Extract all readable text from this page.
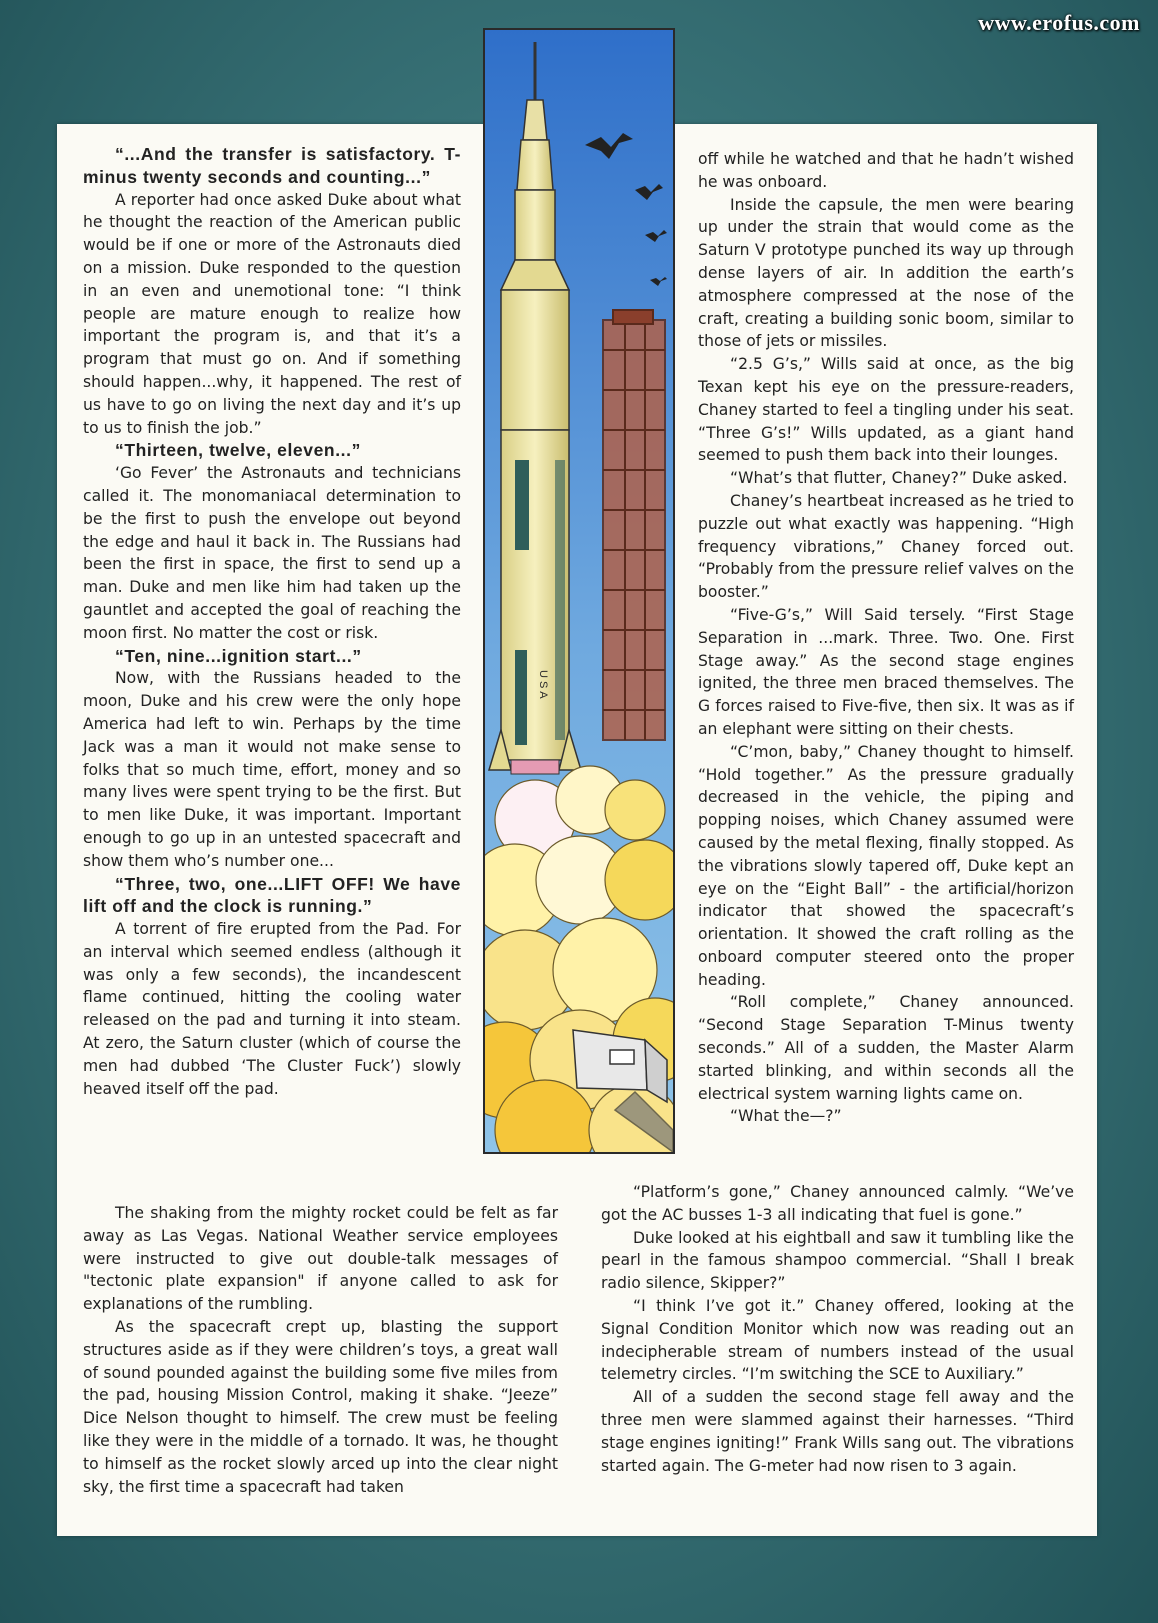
www.erofus.com

“...And the transfer is satisfactory. T-minus twenty seconds and counting...”

A reporter had once asked Duke about what he thought the reaction of the American public would be if one or more of the Astronauts died on a mission. Duke responded to the question in an even and unemotional tone: “I think people are mature enough to realize how important the program is, and that it’s a program that must go on. And if something should happen...why, it happened. The rest of us have to go on living the next day and it’s up to us to finish the job.”

“Thirteen, twelve, eleven...”

‘Go Fever’ the Astronauts and technicians called it. The monomaniacal determination to be the first to push the envelope out beyond the edge and haul it back in. The Russians had been the first in space, the first to send up a man. Duke and men like him had taken up the gauntlet and accepted the goal of reaching the moon first. No matter the cost or risk.

“Ten, nine...ignition start...”

Now, with the Russians headed to the moon, Duke and his crew were the only hope America had left to win. Perhaps by the time Jack was a man it would not make sense to folks that so much time, effort, money and so many lives were spent trying to be the first. But to men like Duke, it was important. Important enough to go up in an untested spacecraft and show them who’s number one...

“Three, two, one...LIFT OFF! We have lift off and the clock is running.”

A torrent of fire erupted from the Pad. For an interval which seemed endless (although it was only a few seconds), the incandescent flame continued, hitting the cooling water released on the pad and turning it into steam. At zero, the Saturn cluster (which of course the men had dubbed ‘The Cluster Fuck’) slowly heaved itself off the pad.

off while he watched and that he hadn’t wished he was onboard.

Inside the capsule, the men were bearing up under the strain that would come as the Saturn V prototype punched its way up through dense layers of air. In addition the earth’s atmosphere compressed at the nose of the craft, creating a building sonic boom, similar to those of jets or missiles.

“2.5 G’s,” Wills said at once, as the big Texan kept his eye on the pressure-readers, Chaney started to feel a tingling under his seat. “Three G’s!” Wills updated, as a giant hand seemed to push them back into their lounges.

“What’s that flutter, Chaney?” Duke asked.

Chaney’s heartbeat increased as he tried to puzzle out what exactly was happening. “High frequency vibrations,” Chaney forced out. “Probably from the pressure relief valves on the booster.”

“Five-G’s,” Will Said tersely. “First Stage Separation in ...mark. Three. Two. One. First Stage away.” As the second stage engines ignited, the three men braced themselves. The G forces raised to Five-five, then six. It was as if an elephant were sitting on their chests.

“C’mon, baby,” Chaney thought to himself. “Hold together.” As the pressure gradually decreased in the vehicle, the piping and popping noises, which Chaney assumed were caused by the metal flexing, finally stopped. As the vibrations slowly tapered off, Duke kept an eye on the “Eight Ball” - the artificial/horizon indicator that showed the spacecraft’s orientation. It showed the craft rolling as the onboard computer steered onto the proper heading.

“Roll complete,” Chaney announced. “Second Stage Separation T-Minus twenty seconds.” All of a sudden, the Master Alarm started blinking, and within seconds all the electrical system warning lights came on.

“What the—?”

The shaking from the mighty rocket could be felt as far away as Las Vegas. National Weather service employees were instructed to give out double-talk messages of "tectonic plate expansion" if anyone called to ask for explanations of the rumbling.

As the spacecraft crept up, blasting the support structures aside as if they were children’s toys, a great wall of sound pounded against the building some five miles from the pad, housing Mission Control, making it shake. “Jeeze” Dice Nelson thought to himself. The crew must be feeling like they were in the middle of a tornado. It was, he thought to himself as the rocket slowly arced up into the clear night sky, the first time a spacecraft had taken

“Platform’s gone,” Chaney announced calmly. “We’ve got the AC busses 1-3 all indicating that fuel is gone.”

Duke looked at his eightball and saw it tumbling like the pearl in the famous shampoo commercial. “Shall I break radio silence, Skipper?”

“I think I’ve got it.” Chaney offered, looking at the Signal Condition Monitor which now was reading out an indecipherable stream of numbers instead of the usual telemetry circles. “I’m switching the SCE to Auxiliary.”

All of a sudden the second stage fell away and the three men were slammed against their harnesses. “Third stage engines igniting!” Frank Wills sang out. The vibrations started again. The G-meter had now risen to 3 again.

USA
